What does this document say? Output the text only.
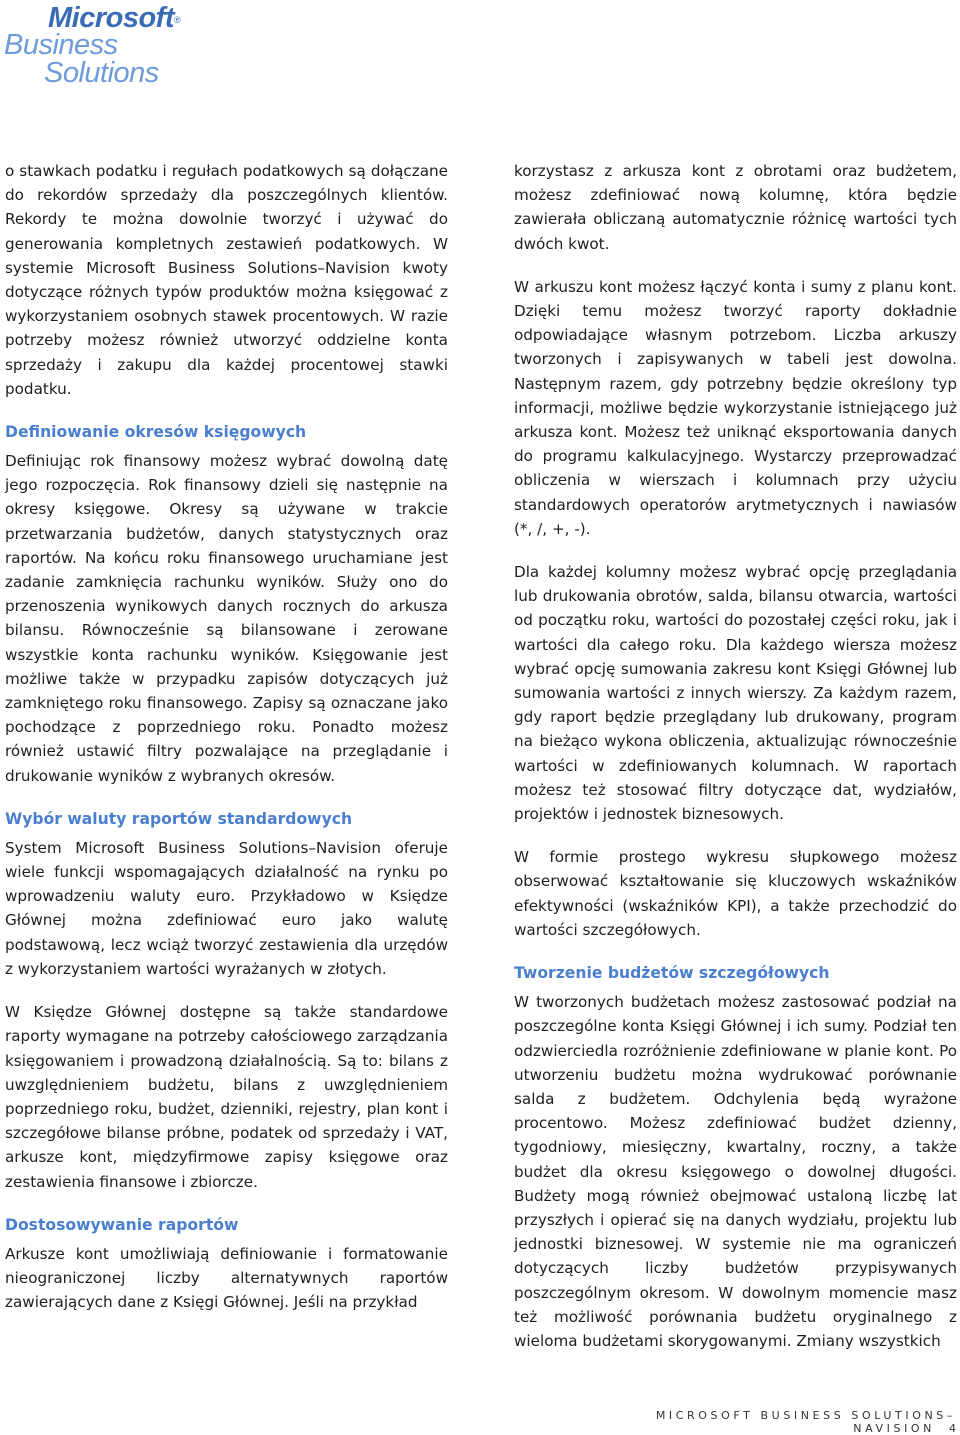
Microsoft®
Business
Solutions

o stawkach podatku i regułach podatkowych są dołączane do rekordów sprzedaży dla poszczególnych klientów. Rekordy te można dowolnie tworzyć i używać do generowania kompletnych zestawień podatkowych. W systemie Microsoft Business Solutions–Navision kwoty dotyczące różnych typów produktów można księgować z wykorzystaniem osobnych stawek procentowych. W razie potrzeby możesz również utworzyć oddzielne konta sprzedaży i zakupu dla każdej procentowej stawki podatku.

Definiowanie okresów księgowych

Definiując rok finansowy możesz wybrać dowolną datę jego rozpoczęcia. Rok finansowy dzieli się następnie na okresy księgowe. Okresy są używane w trakcie przetwarzania budżetów, danych statystycznych oraz raportów. Na końcu roku finansowego uruchamiane jest zadanie zamknięcia rachunku wyników. Służy ono do przenoszenia wynikowych danych rocznych do arkusza bilansu. Równocześnie są bilansowane i zerowane wszystkie konta rachunku wyników. Księgowanie jest możliwe także w przypadku zapisów dotyczących już zamkniętego roku finansowego. Zapisy są oznaczane jako pochodzące z poprzedniego roku. Ponadto możesz również ustawić filtry pozwalające na przeglądanie i drukowanie wyników z wybranych okresów.

Wybór waluty raportów standardowych

System Microsoft Business Solutions–Navision oferuje wiele funkcji wspomagających działalność na rynku po wprowadzeniu waluty euro. Przykładowo w Księdze Głównej można zdefiniować euro jako walutę podstawową, lecz wciąż tworzyć zestawienia dla urzędów z wykorzystaniem wartości wyrażanych w złotych.

W Księdze Głównej dostępne są także standardowe raporty wymagane na potrzeby całościowego zarządzania księgowaniem i prowadzoną działalnością. Są to: bilans z uwzględnieniem budżetu, bilans z uwzględnieniem poprzedniego roku, budżet, dzienniki, rejestry, plan kont i szczegółowe bilanse próbne, podatek od sprzedaży i VAT, arkusze kont, międzyfirmowe zapisy księgowe oraz zestawienia finansowe i zbiorcze.

Dostosowywanie raportów

Arkusze kont umożliwiają definiowanie i formatowanie nieograniczonej liczby alternatywnych raportów zawierających dane z Księgi Głównej. Jeśli na przykład

korzystasz z arkusza kont z obrotami oraz budżetem, możesz zdefiniować nową kolumnę, która będzie zawierała obliczaną automatycznie różnicę wartości tych dwóch kwot.

W arkuszu kont możesz łączyć konta i sumy z planu kont. Dzięki temu możesz tworzyć raporty dokładnie odpowiadające własnym potrzebom. Liczba arkuszy tworzonych i zapisywanych w tabeli jest dowolna. Następnym razem, gdy potrzebny będzie określony typ informacji, możliwe będzie wykorzystanie istniejącego już arkusza kont. Możesz też uniknąć eksportowania danych do programu kalkulacyjnego. Wystarczy przeprowadzać obliczenia w wierszach i kolumnach przy użyciu standardowych operatorów arytmetycznych i nawiasów (*, /, +, -).

Dla każdej kolumny możesz wybrać opcję przeglądania lub drukowania obrotów, salda, bilansu otwarcia, wartości od początku roku, wartości do pozostałej części roku, jak i wartości dla całego roku. Dla każdego wiersza możesz wybrać opcję sumowania zakresu kont Księgi Głównej lub sumowania wartości z innych wierszy. Za każdym razem, gdy raport będzie przeglądany lub drukowany, program na bieżąco wykona obliczenia, aktualizując równocześnie wartości w zdefiniowanych kolumnach. W raportach możesz też stosować filtry dotyczące dat, wydziałów, projektów i jednostek biznesowych.

W formie prostego wykresu słupkowego możesz obserwować kształtowanie się kluczowych wskaźników efektywności (wskaźników KPI), a także przechodzić do wartości szczegółowych.

Tworzenie budżetów szczegółowych

W tworzonych budżetach możesz zastosować podział na poszczególne konta Księgi Głównej i ich sumy. Podział ten odzwierciedla rozróżnienie zdefiniowane w planie kont. Po utworzeniu budżetu można wydrukować porównanie salda z budżetem. Odchylenia będą wyrażone procentowo. Możesz zdefiniować budżet dzienny, tygodniowy, miesięczny, kwartalny, roczny, a także budżet dla okresu księgowego o dowolnej długości. Budżety mogą również obejmować ustaloną liczbę lat przyszłych i opierać się na danych wydziału, projektu lub jednostki biznesowej. W systemie nie ma ograniczeń dotyczących liczby budżetów przypisywanych poszczególnym okresom. W dowolnym momencie masz też możliwość porównania budżetu oryginalnego z wieloma budżetami skorygowanymi. Zmiany wszystkich

MICROSOFT BUSINESS SOLUTIONS–NAVISION 4
